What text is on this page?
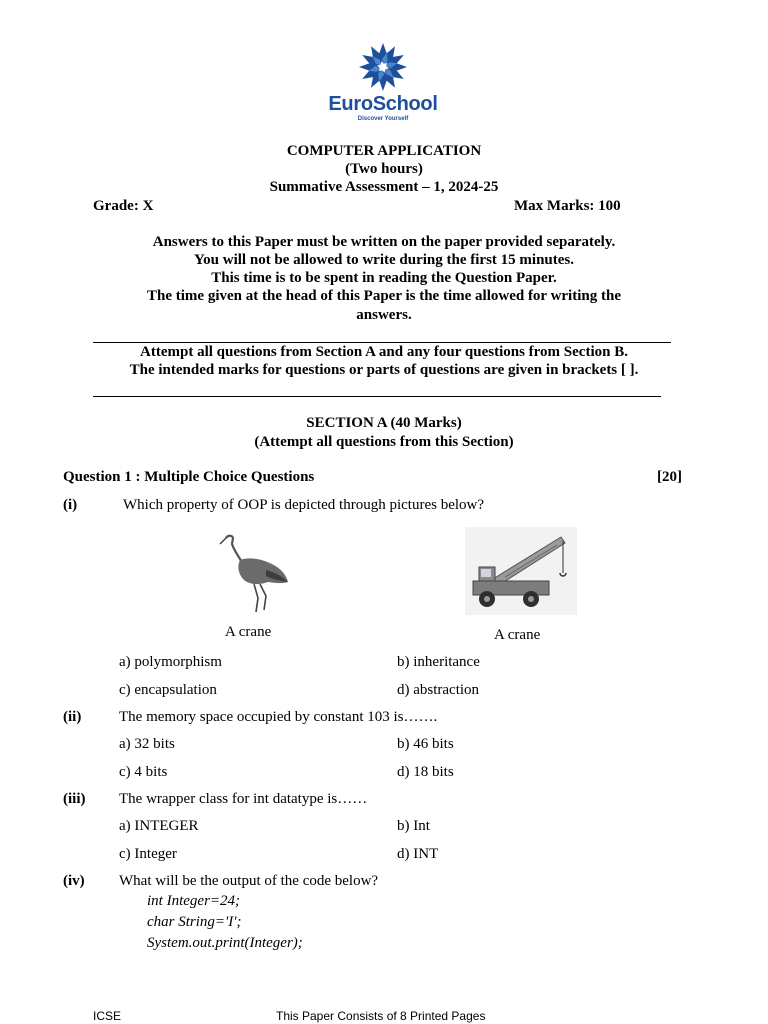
EuroSchool
Discover Yourself
COMPUTER APPLICATION
(Two hours)
Summative Assessment – 1, 2024-25
Grade: X	Max Marks: 100
Answers to this Paper must be written on the paper provided separately.
You will not be allowed to write during the first 15 minutes.
This time is to be spent in reading the Question Paper.
The time given at the head of this Paper is the time allowed for writing the
answers.
Attempt all questions from Section A and any four questions from Section B.
The intended marks for questions or parts of questions are given in brackets [ ].
SECTION A (40 Marks)
(Attempt all questions from this Section)
Question 1 : Multiple Choice Questions	[20]
(i)	Which property of OOP is depicted through pictures below?
A crane	A crane
a) polymorphism	b) inheritance
c) encapsulation	d) abstraction
(ii)	The memory space occupied by constant 103 is…….
a) 32 bits	b) 46 bits
c) 4 bits	d) 18 bits
(iii) The wrapper class for int datatype is……
a) INTEGER	b) Int
c) Integer	d) INT
(iv) What will be the output of the code below?
int Integer=24;
char String='I';
System.out.print(Integer);
ICSE	This Paper Consists of 8 Printed Pages
